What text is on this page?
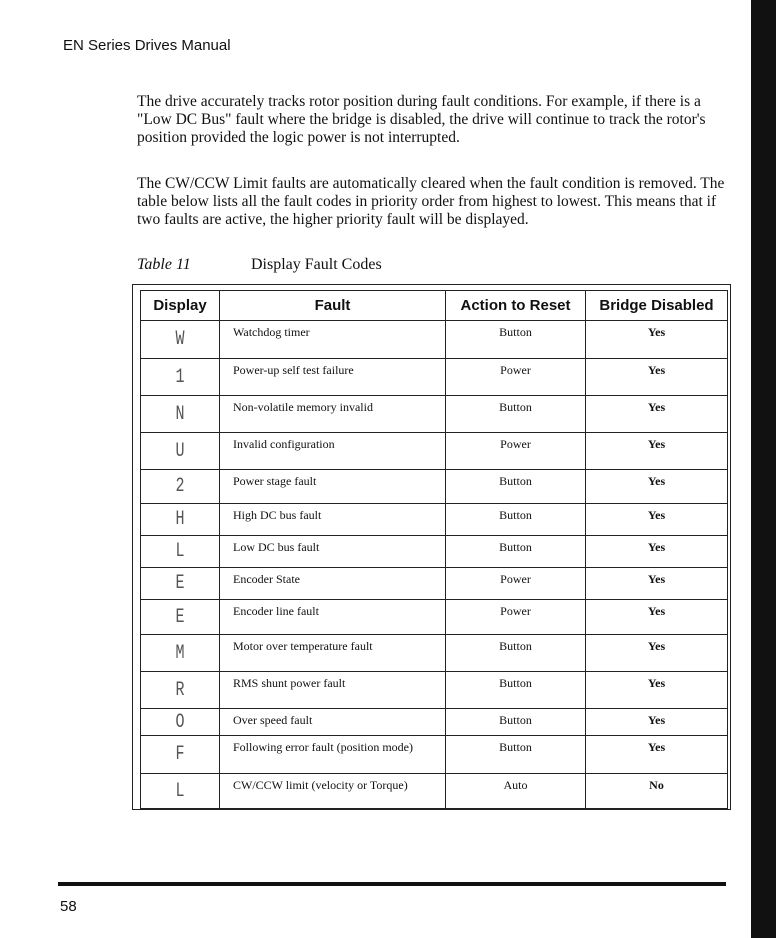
EN Series Drives Manual

The drive accurately tracks rotor position during fault conditions. For example, if there is a "Low DC Bus" fault where the bridge is disabled, the drive will continue to track the rotor's position provided the logic power is not interrupted.

The CW/CCW Limit faults are automatically cleared when the fault condition is removed. The table below lists all the fault codes in priority order from highest to lowest. This means that if two faults are active, the higher priority fault will be displayed.

Table 11	Display Fault Codes
Display	Fault	Action to Reset	Bridge Disabled
W	Watchdog timer	Button	Yes
1	Power-up self test failure	Power	Yes
N	Non-volatile memory invalid	Button	Yes
U	Invalid configuration	Power	Yes
2	Power stage fault	Button	Yes
H	High DC bus fault	Button	Yes
L	Low DC bus fault	Button	Yes
E	Encoder State	Power	Yes
E	Encoder line fault	Power	Yes
M	Motor over temperature fault	Button	Yes
R	RMS shunt power fault	Button	Yes
O	Over speed fault	Button	Yes
F	Following error fault (position mode)	Button	Yes
L	CW/CCW limit (velocity or Torque)	Auto	No
58
